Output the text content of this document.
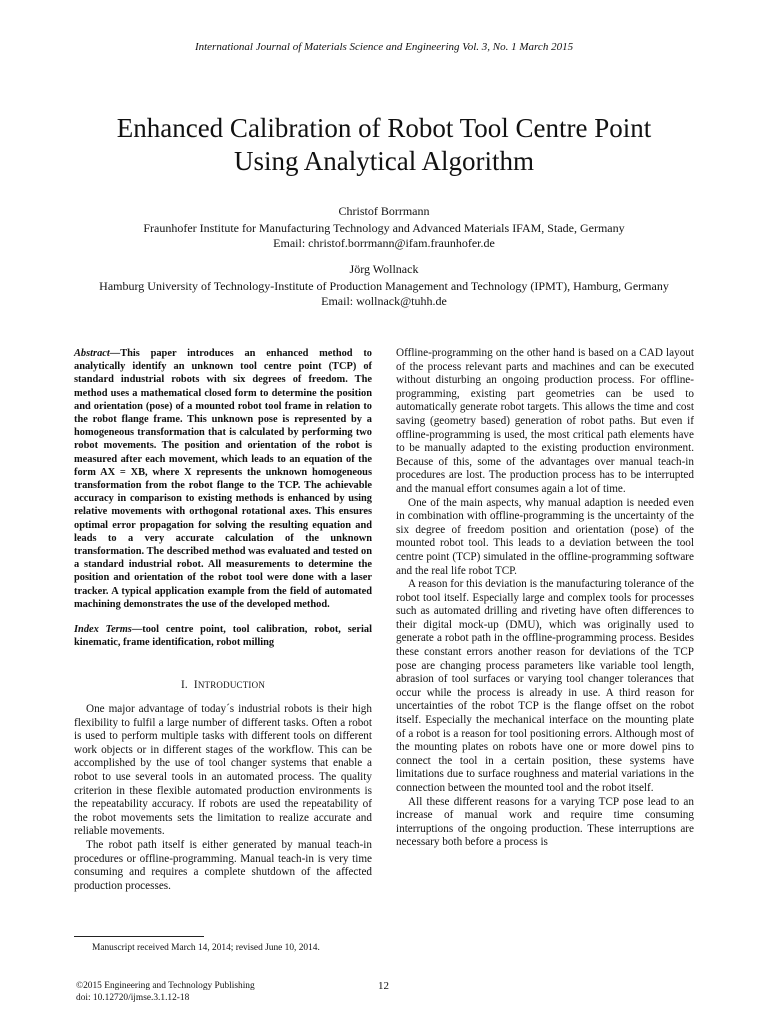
International Journal of Materials Science and Engineering Vol. 3, No. 1 March 2015
Enhanced Calibration of Robot Tool Centre Point
Using Analytical Algorithm
Christof Borrmann
Fraunhofer Institute for Manufacturing Technology and Advanced Materials IFAM, Stade, Germany
Email: christof.borrmann@ifam.fraunhofer.de
Jörg Wollnack
Hamburg University of Technology-Institute of Production Management and Technology (IPMT), Hamburg, Germany
Email: wollnack@tuhh.de
Abstract—This paper introduces an enhanced method to analytically identify an unknown tool centre point (TCP) of standard industrial robots with six degrees of freedom. The method uses a mathematical closed form to determine the position and orientation (pose) of a mounted robot tool frame in relation to the robot flange frame. This unknown pose is represented by a homogeneous transformation that is calculated by performing two robot movements. The position and orientation of the robot is measured after each movement, which leads to an equation of the form AX = XB, where X represents the unknown homogeneous transformation from the robot flange to the TCP. The achievable accuracy in comparison to existing methods is enhanced by using relative movements with orthogonal rotational axes. This ensures optimal error propagation for solving the resulting equation and leads to a very accurate calculation of the unknown transformation. The described method was evaluated and tested on a standard industrial robot. All measurements to determine the position and orientation of the robot tool were done with a laser tracker. A typical application example from the field of automated machining demonstrates the use of the developed method.
Index Terms—tool centre point, tool calibration, robot, serial kinematic, frame identification, robot milling
I. INTRODUCTION

One major advantage of today´s industrial robots is their high flexibility to fulfil a large number of different tasks. Often a robot is used to perform multiple tasks with different tools on different work objects or in different stages of the workflow. This can be accomplished by the use of tool changer systems that enable a robot to use several tools in an automated process. The quality criterion in these flexible automated production environments is the repeatability accuracy. If robots are used the repeatability of the robot movements sets the limitation to realize accurate and reliable movements.

The robot path itself is either generated by manual teach-in procedures or offline-programming. Manual teach-in is very time consuming and requires a complete shutdown of the affected production processes.

Offline-programming on the other hand is based on a CAD layout of the process relevant parts and machines and can be executed without disturbing an ongoing production process. For offline-programming, existing part geometries can be used to automatically generate robot targets. This allows the time and cost saving (geometry based) generation of robot paths. But even if offline-programming is used, the most critical path elements have to be manually adapted to the existing production environment. Because of this, some of the advantages over manual teach-in procedures are lost. The production process has to be interrupted and the manual effort consumes again a lot of time.

One of the main aspects, why manual adaption is needed even in combination with offline-programming is the uncertainty of the six degree of freedom position and orientation (pose) of the mounted robot tool. This leads to a deviation between the tool centre point (TCP) simulated in the offline-programming software and the real life robot TCP.

A reason for this deviation is the manufacturing tolerance of the robot tool itself. Especially large and complex tools for processes such as automated drilling and riveting have often differences to their digital mock-up (DMU), which was originally used to generate a robot path in the offline-programming process. Besides these constant errors another reason for deviations of the TCP pose are changing process parameters like variable tool length, abrasion of tool surfaces or varying tool changer tolerances that occur while the process is already in use. A third reason for uncertainties of the robot TCP is the flange offset on the robot itself. Especially the mechanical interface on the mounting plate of a robot is a reason for tool positioning errors. Although most of the mounting plates on robots have one or more dowel pins to connect the tool in a certain position, these systems have limitations due to surface roughness and material variations in the connection between the mounted tool and the robot itself.

All these different reasons for a varying TCP pose lead to an increase of manual work and require time consuming interruptions of the ongoing production. These interruptions are necessary both before a process is

Manuscript received March 14, 2014; revised June 10, 2014.
©2015 Engineering and Technology Publishing
doi: 10.12720/ijmse.3.1.12-18
12
